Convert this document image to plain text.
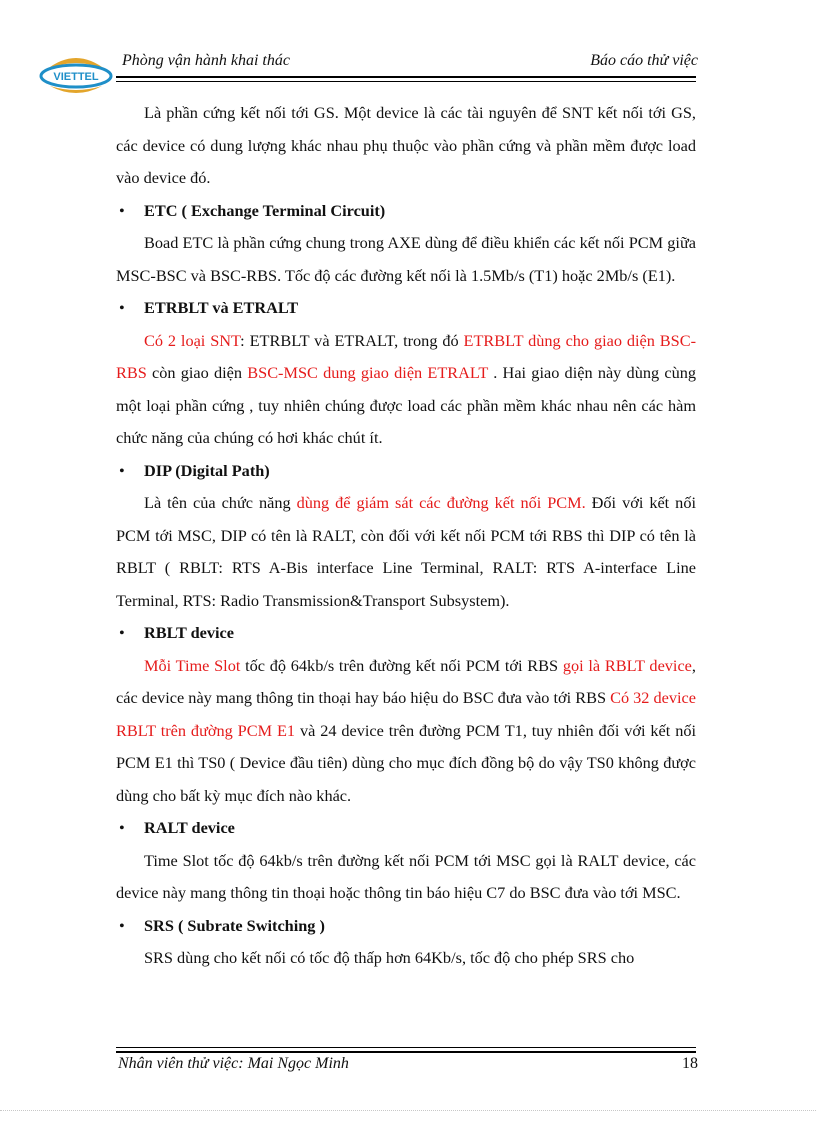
VIETTEL
Phòng vận hành khai thác	Báo cáo thử việc

Là phần cứng kết nối tới GS. Một device là các tài nguyên để SNT kết nối tới GS, các device có dung lượng khác nhau phụ thuộc vào phần cứng và phần mềm được load vào device đó.

• ETC ( Exchange Terminal Circuit)

Boad ETC là phần cứng chung trong AXE dùng để điều khiển các kết nối PCM giữa MSC-BSC và BSC-RBS. Tốc độ các đường kết nối là 1.5Mb/s (T1) hoặc 2Mb/s (E1).

• ETRBLT và ETRALT

Có 2 loại SNT: ETRBLT và ETRALT, trong đó ETRBLT dùng cho giao diện BSC-RBS còn giao diện BSC-MSC dung giao diện ETRALT . Hai giao diện này dùng cùng một loại phần cứng , tuy nhiên chúng được load các phần mềm khác nhau nên các hàm chức năng của chúng có hơi khác chút ít.

• DIP (Digital Path)

Là tên của chức năng dùng để giám sát các đường kết nối PCM. Đối với kết nối PCM tới MSC, DIP có tên là RALT, còn đối với kết nối PCM tới RBS thì DIP có tên là RBLT ( RBLT: RTS A-Bis interface Line Terminal, RALT: RTS A-interface Line Terminal, RTS: Radio Transmission&Transport Subsystem).

• RBLT device

Mỗi Time Slot tốc độ 64kb/s trên đường kết nối PCM tới RBS gọi là RBLT device, các device này mang thông tin thoại hay báo hiệu do BSC đưa vào tới RBS Có 32 device RBLT trên đường PCM E1 và 24 device trên đường PCM T1, tuy nhiên đối với kết nối PCM E1 thì TS0 ( Device đầu tiên) dùng cho mục đích đồng bộ do vậy TS0 không được dùng cho bất kỳ mục đích nào khác.

• RALT device

Time Slot tốc độ 64kb/s trên đường kết nối PCM tới MSC gọi là RALT device, các device này mang thông tin thoại hoặc thông tin báo hiệu C7 do BSC đưa vào tới MSC.

• SRS ( Subrate Switching )

SRS dùng cho kết nối có tốc độ thấp hơn 64Kb/s, tốc độ cho phép SRS cho

Nhân viên thử việc: Mai Ngọc Minh	18
